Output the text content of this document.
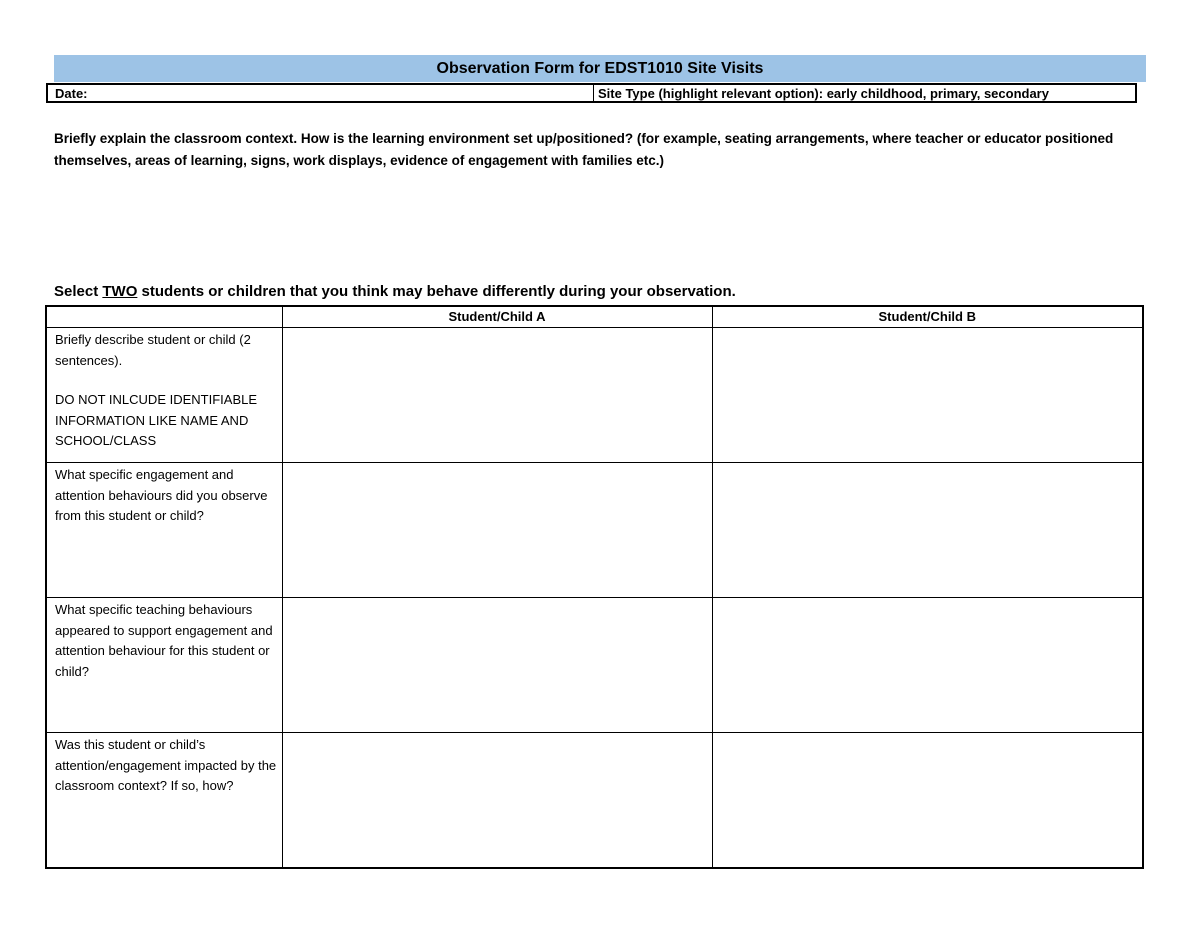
Observation Form for EDST1010 Site Visits
Date:	Site Type (highlight relevant option): early childhood, primary, secondary
Briefly explain the classroom context. How is the learning environment set up/positioned? (for example, seating arrangements, where teacher or educator positioned themselves, areas of learning, signs, work displays, evidence of engagement with families etc.)
Select TWO students or children that you think may behave differently during your observation.
	Student/Child A	Student/Child B
Briefly describe student or child (2 sentences).
DO NOT INLCUDE IDENTIFIABLE INFORMATION LIKE NAME AND SCHOOL/CLASS		
What specific engagement and attention behaviours did you observe from this student or child?		
What specific teaching behaviours appeared to support engagement and attention behaviour for this student or child?		
Was this student or child’s attention/engagement impacted by the classroom context? If so, how?		
